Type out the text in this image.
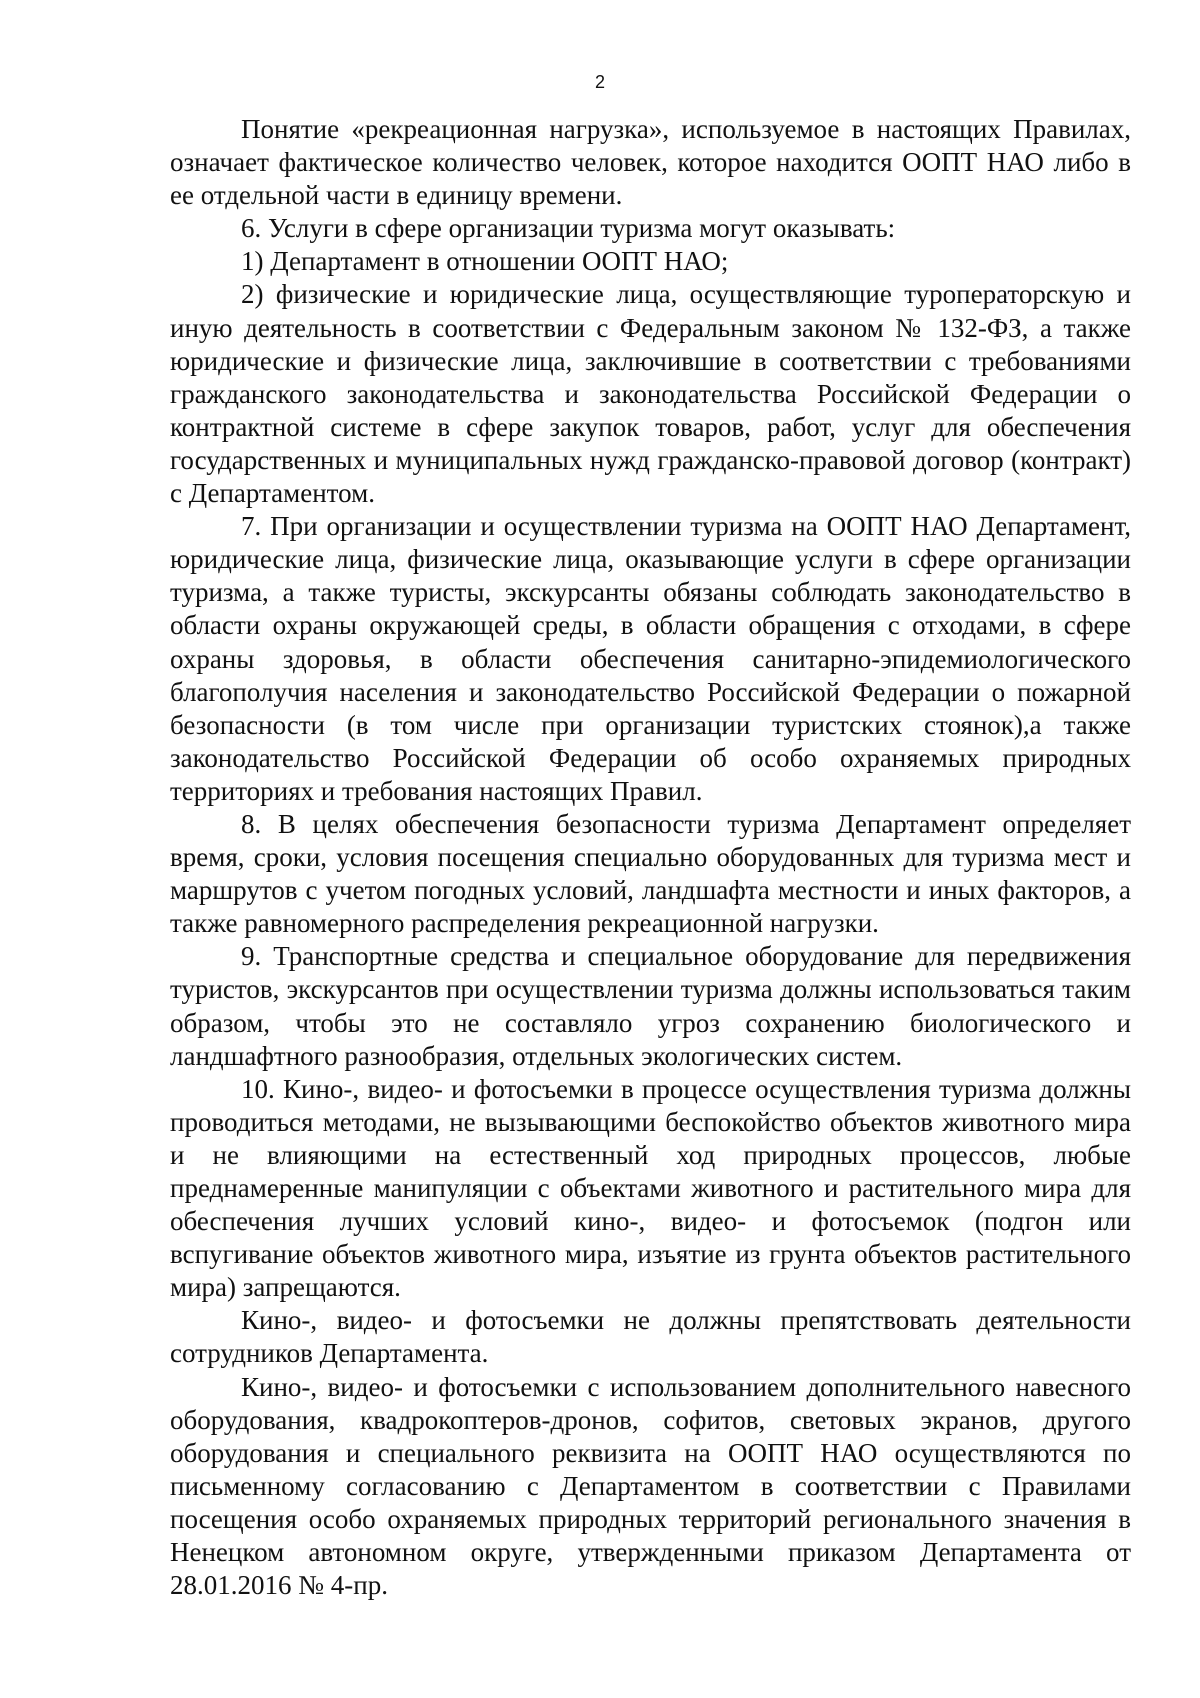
2

Понятие «рекреационная нагрузка», используемое в настоящих Правилах, означает фактическое количество человек, которое находится ООПТ НАО либо в ее отдельной части в единицу времени.

6. Услуги в сфере организации туризма могут оказывать:

1) Департамент в отношении ООПТ НАО;

2) физические и юридические лица, осуществляющие туроператорскую и иную деятельность в соответствии с Федеральным законом № 132-ФЗ, а также юридические и физические лица, заключившие в соответствии с требованиями гражданского законодательства и законодательства Российской Федерации о контрактной системе в сфере закупок товаров, работ, услуг для обеспечения государственных и муниципальных нужд гражданско-правовой договор (контракт) с Департаментом.

7. При организации и осуществлении туризма на ООПТ НАО Департамент, юридические лица, физические лица, оказывающие услуги в сфере организации туризма, а также туристы, экскурсанты обязаны соблюдать законодательство в области охраны окружающей среды, в области обращения с отходами, в сфере охраны здоровья, в области обеспечения санитарно-эпидемиологического благополучия населения и законодательство Российской Федерации о пожарной безопасности (в том числе при организации туристских стоянок),а также законодательство Российской Федерации об особо охраняемых природных территориях и требования настоящих Правил.

8. В целях обеспечения безопасности туризма Департамент определяет время, сроки, условия посещения специально оборудованных для туризма мест и маршрутов с учетом погодных условий, ландшафта местности и иных факторов, а также равномерного распределения рекреационной нагрузки.

9. Транспортные средства и специальное оборудование для передвижения туристов, экскурсантов при осуществлении туризма должны использоваться таким образом, чтобы это не составляло угроз сохранению биологического и ландшафтного разнообразия, отдельных экологических систем.

10. Кино-, видео- и фотосъемки в процессе осуществления туризма должны проводиться методами, не вызывающими беспокойство объектов животного мира и не влияющими на естественный ход природных процессов, любые преднамеренные манипуляции с объектами животного и растительного мира для обеспечения лучших условий кино-, видео- и фотосъемок (подгон или вспугивание объектов животного мира, изъятие из грунта объектов растительного мира) запрещаются.

Кино-, видео- и фотосъемки не должны препятствовать деятельности сотрудников Департамента.

Кино-, видео- и фотосъемки с использованием дополнительного навесного оборудования, квадрокоптеров-дронов, софитов, световых экранов, другого оборудования и специального реквизита на ООПТ НАО осуществляются по письменному согласованию с Департаментом в соответствии с Правилами посещения особо охраняемых природных территорий регионального значения в Ненецком автономном округе, утвержденными приказом Департамента от 28.01.2016 № 4-пр.
